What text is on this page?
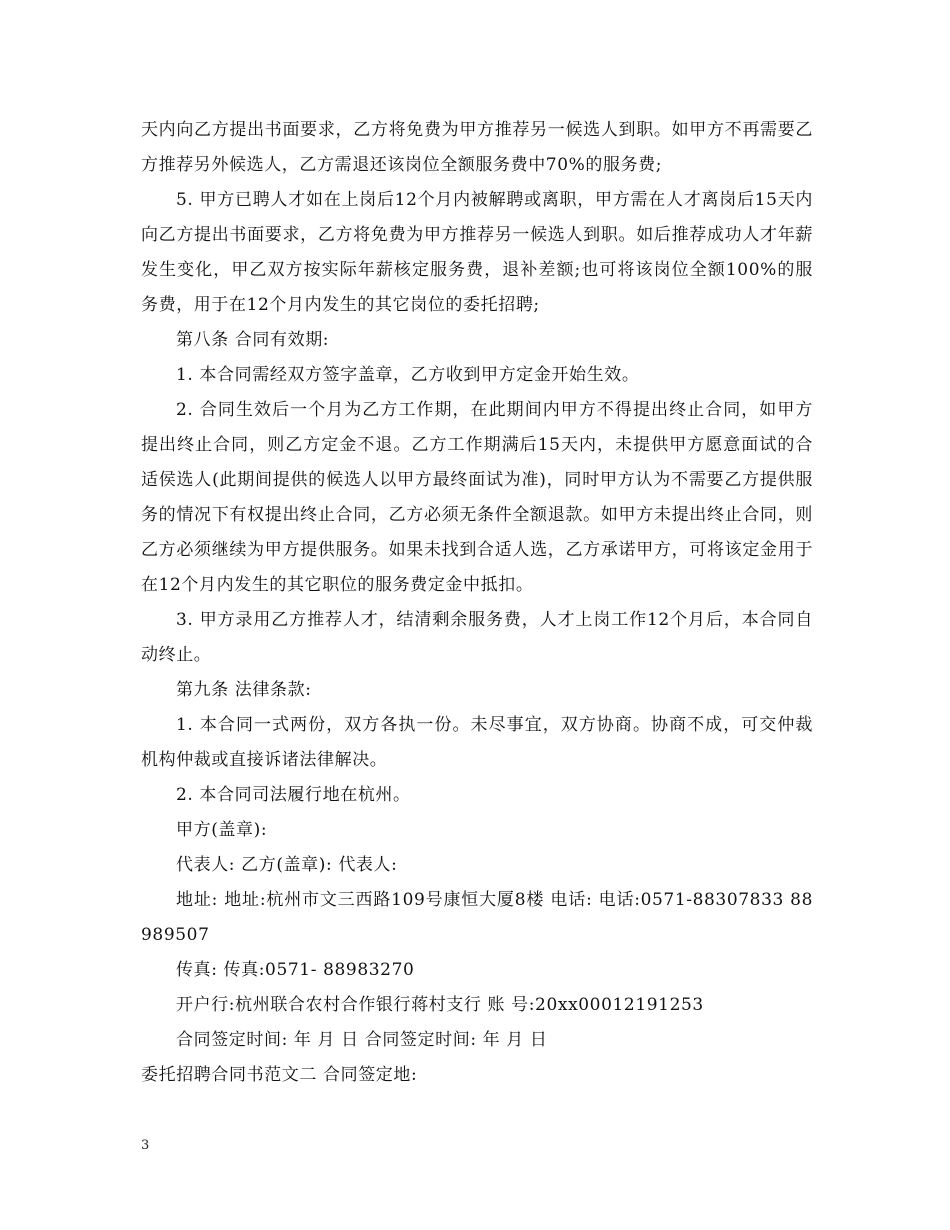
天内向乙方提出书面要求，乙方将免费为甲方推荐另一候选人到职。如甲方不再需要乙方推荐另外候选人，乙方需退还该岗位全额服务费中70%的服务费;

5. 甲方已聘人才如在上岗后12个月内被解聘或离职，甲方需在人才离岗后15天内向乙方提出书面要求，乙方将免费为甲方推荐另一候选人到职。如后推荐成功人才年薪发生变化，甲乙双方按实际年薪核定服务费，退补差额;也可将该岗位全额100%的服务费，用于在12个月内发生的其它岗位的委托招聘;

第八条 合同有效期:

1. 本合同需经双方签字盖章，乙方收到甲方定金开始生效。

2. 合同生效后一个月为乙方工作期，在此期间内甲方不得提出终止合同，如甲方提出终止合同，则乙方定金不退。乙方工作期满后15天内，未提供甲方愿意面试的合适侯选人(此期间提供的候选人以甲方最终面试为准)，同时甲方认为不需要乙方提供服务的情况下有权提出终止合同，乙方必须无条件全额退款。如甲方未提出终止合同，则乙方必须继续为甲方提供服务。如果未找到合适人选，乙方承诺甲方，可将该定金用于在12个月内发生的其它职位的服务费定金中抵扣。

3. 甲方录用乙方推荐人才，结清剩余服务费，人才上岗工作12个月后，本合同自动终止。

第九条 法律条款:

1. 本合同一式两份，双方各执一份。未尽事宜，双方协商。协商不成，可交仲裁机构仲裁或直接诉诸法律解决。

2. 本合同司法履行地在杭州。

甲方(盖章):

代表人: 乙方(盖章): 代表人:

地址: 地址:杭州市文三西路109号康恒大厦8楼 电话: 电话:0571-88307833 88989507

传真: 传真:0571- 88983270

开户行:杭州联合农村合作银行蒋村支行 账 号:20xx00012191253

合同签定时间: 年 月 日 合同签定时间: 年 月 日

委托招聘合同书范文二 合同签定地:

3
